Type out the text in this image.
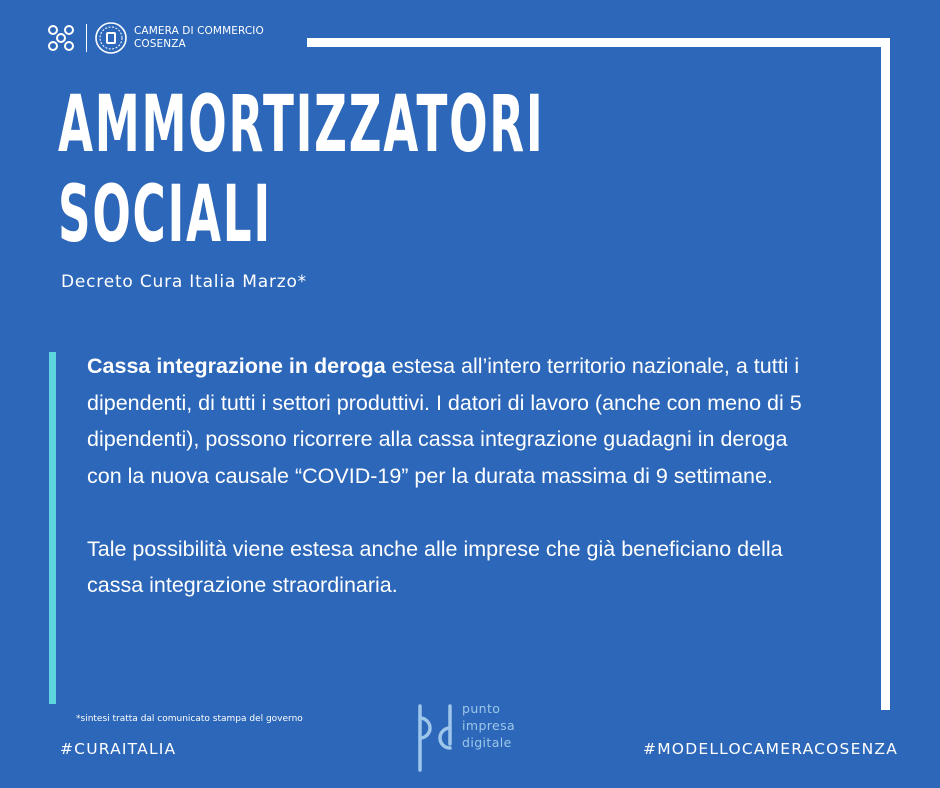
CAMERA DI COMMERCIO
COSENZA
AMMORTIZZATORI
SOCIALI
Decreto Cura Italia Marzo*

Cassa integrazione in deroga estesa all’intero territorio nazionale, a tutti i dipendenti, di tutti i settori produttivi. I datori di lavoro (anche con meno di 5 dipendenti), possono ricorrere alla cassa integrazione guadagni in deroga con la nuova causale “COVID-19” per la durata massima di 9 settimane.

Tale possibilità viene estesa anche alle imprese che già beneficiano della cassa integrazione straordinaria.

*sintesi tratta dal comunicato stampa del governo
#CURAITALIA	#MODELLOCAMERACOSENZA
punto
impresa
digitale
